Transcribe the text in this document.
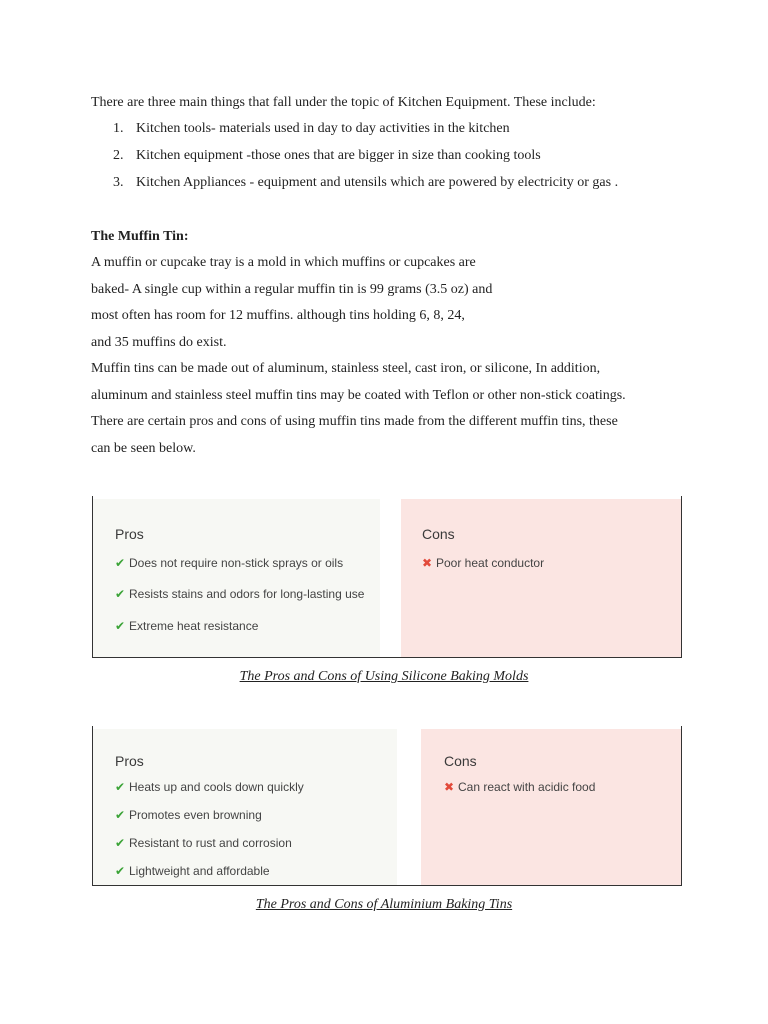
There are three main things that fall under the topic of Kitchen Equipment. These include:
1. Kitchen tools- materials used in day to day activities in the kitchen
2. Kitchen equipment -those ones that are bigger in size than cooking tools
3. Kitchen Appliances - equipment and utensils which are powered by electricity or gas .
The Muffin Tin:
A muffin or cupcake tray is a mold in which muffins or cupcakes are
baked- A single cup within a regular muffin tin is 99 grams (3.5 oz) and
most often has room for 12 muffins. although tins holding 6, 8, 24,
and 35 muffins do exist.
Muffin tins can be made out of aluminum, stainless steel, cast iron, or silicone, In addition,
aluminum and stainless steel muffin tins may be coated with Teflon or other non-stick coatings.
There are certain pros and cons of using muffin tins made from the different muffin tins, these
can be seen below.
Pros
✔ Does not require non-stick sprays or oils
✔ Resists stains and odors for long-lasting use
✔ Extreme heat resistance
Cons
✖ Poor heat conductor
The Pros and Cons of Using Silicone Baking Molds
Pros
✔ Heats up and cools down quickly
✔ Promotes even browning
✔ Resistant to rust and corrosion
✔ Lightweight and affordable
Cons
✖ Can react with acidic food
The Pros and Cons of Aluminium Baking Tins
